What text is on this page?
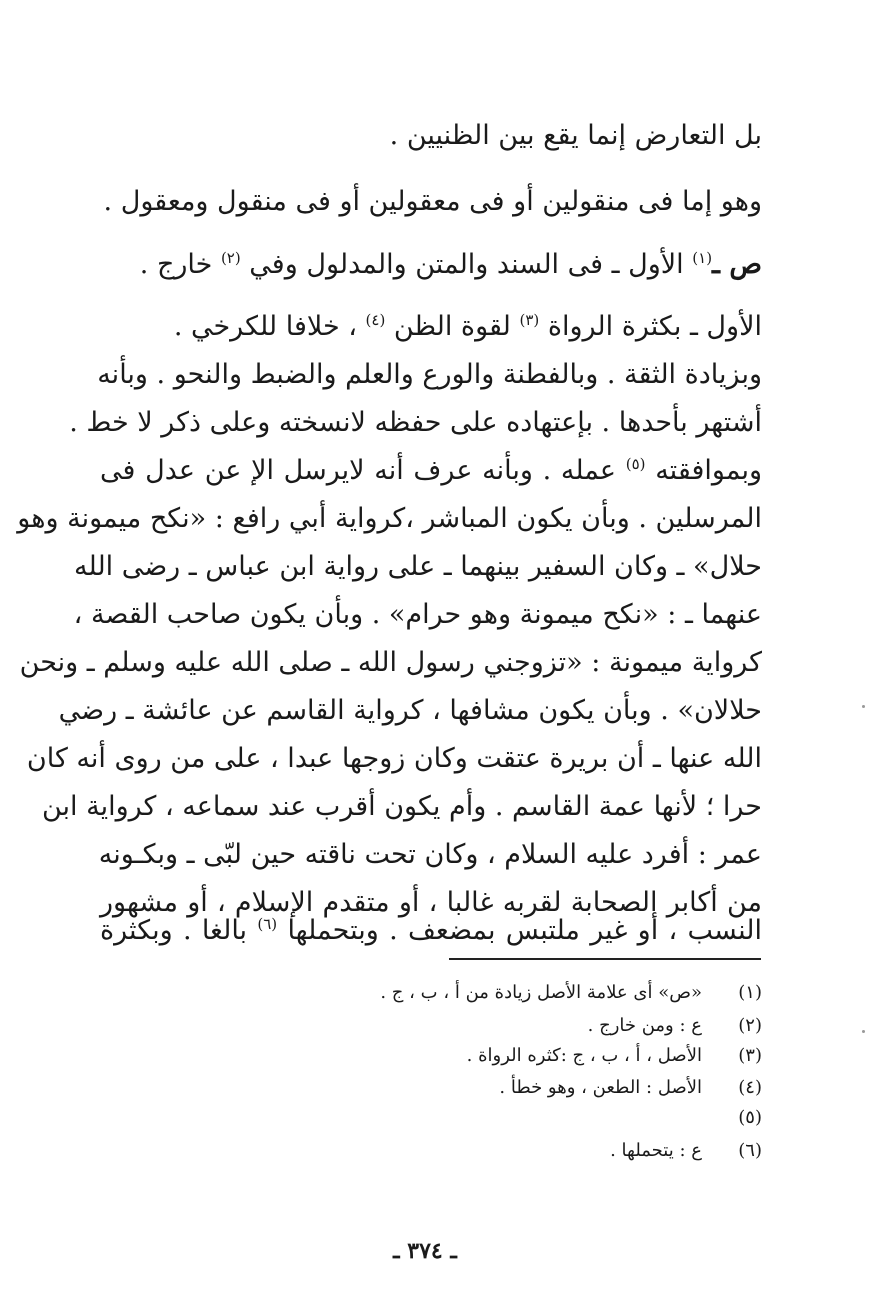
بل التعارض إنما يقع بين الظنيين .
وهو إما فى منقولين أو فى معقولين أو فى منقول ومعقول .
ص ـ$^{(١)}$ الأول ـ فى السند والمتن والمدلول وفي $^{(٢)}$ خارج .
الأول ـ بكثرة الرواة $^{(٣)}$ لقوة الظن $^{(٤)}$ ، خلافا للكرخي .
وبزيادة الثقة . وبالفطنة والورع والعلم والضبط والنحو . وبأنه
أشتهر بأحدها . بإعتهاده على حفظه لانسخته وعلى ذكر لا خط .
وبموافقته $^{(٥)}$ عمله . وبأنه عرف أنه لايرسل الإ عن عدل فى
المرسلين . وبأن يكون المباشر ،كرواية أبي رافع : «نكح ميمونة وهو
حلال» ـ وكان السفير بينهما ـ على رواية ابن عباس ـ رضى الله
عنهما ـ : «نكح ميمونة وهو حرام» . وبأن يكون صاحب القصة ،
كرواية ميمونة : «تزوجني رسول الله ـ صلى الله عليه وسلم ـ ونحن
حلالان» . وبأن يكون مشافها ، كرواية القاسم عن عائشة ـ رضي
الله عنها ـ أن بريرة عتقت وكان زوجها عبدا ، على من روى أنه كان
حرا ؛ لأنها عمة القاسم . وأم يكون أقرب عند سماعه ، كرواية ابن
عمر : أفرد عليه السلام ، وكان تحت ناقته حين لبّى ـ وبكـونه
من أكابر الصحابة لقربه غالبا ، أو متقدم الإسلام ، أو مشهور
النسب ، أو غير ملتبس بمضعف . وبتحملها $^{(٦)}$ بالغا . وبكثرة
(١)«ص» أى علامة الأصل زيادة من أ ، ب ، ج .
(٢)ع : ومن خارج .
(٣)الأصل ، أ ، ب ، ج :كثره الرواة .
(٤)الأصل : الطعن ، وهو خطأ .
(٥)
(٦)ع : يتحملها .
ـ ٣٧٤ ـ
